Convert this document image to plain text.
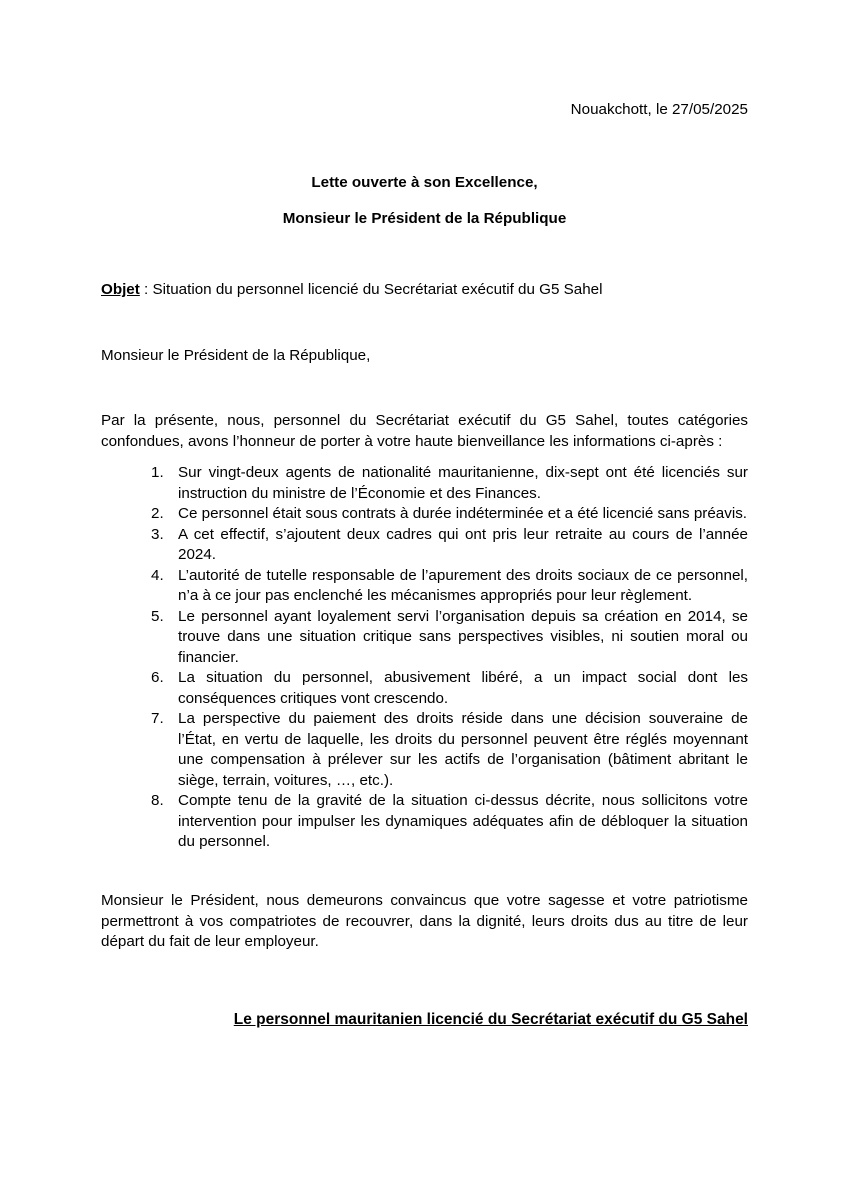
Nouakchott, le 27/05/2025
Lette ouverte à son Excellence,
Monsieur le Président de la République
Objet : Situation du personnel licencié du Secrétariat exécutif du G5 Sahel
Monsieur le Président de la République,

Par la présente, nous, personnel du Secrétariat exécutif du G5 Sahel, toutes catégories confondues, avons l’honneur de porter à votre haute bienveillance les informations ci-après :

1. Sur vingt-deux agents de nationalité mauritanienne, dix-sept ont été licenciés sur instruction du ministre de l’Économie et des Finances.
2. Ce personnel était sous contrats à durée indéterminée et a été licencié sans préavis.
3. A cet effectif, s’ajoutent deux cadres qui ont pris leur retraite au cours de l’année 2024.
4. L’autorité de tutelle responsable de l’apurement des droits sociaux de ce personnel, n’a à ce jour pas enclenché les mécanismes appropriés pour leur règlement.
5. Le personnel ayant loyalement servi l’organisation depuis sa création en 2014, se trouve dans une situation critique sans perspectives visibles, ni soutien moral ou financier.
6. La situation du personnel, abusivement libéré, a un impact social dont les conséquences critiques vont crescendo.
7. La perspective du paiement des droits réside dans une décision souveraine de l’État, en vertu de laquelle, les droits du personnel peuvent être réglés moyennant une compensation à prélever sur les actifs de l’organisation (bâtiment abritant le siège, terrain, voitures, …, etc.).
8. Compte tenu de la gravité de la situation ci-dessus décrite, nous sollicitons votre intervention pour impulser les dynamiques adéquates afin de débloquer la situation du personnel.

Monsieur le Président, nous demeurons convaincus que votre sagesse et votre patriotisme permettront à vos compatriotes de recouvrer, dans la dignité, leurs droits dus au titre de leur départ du fait de leur employeur.

Le personnel mauritanien licencié du Secrétariat exécutif du G5 Sahel
